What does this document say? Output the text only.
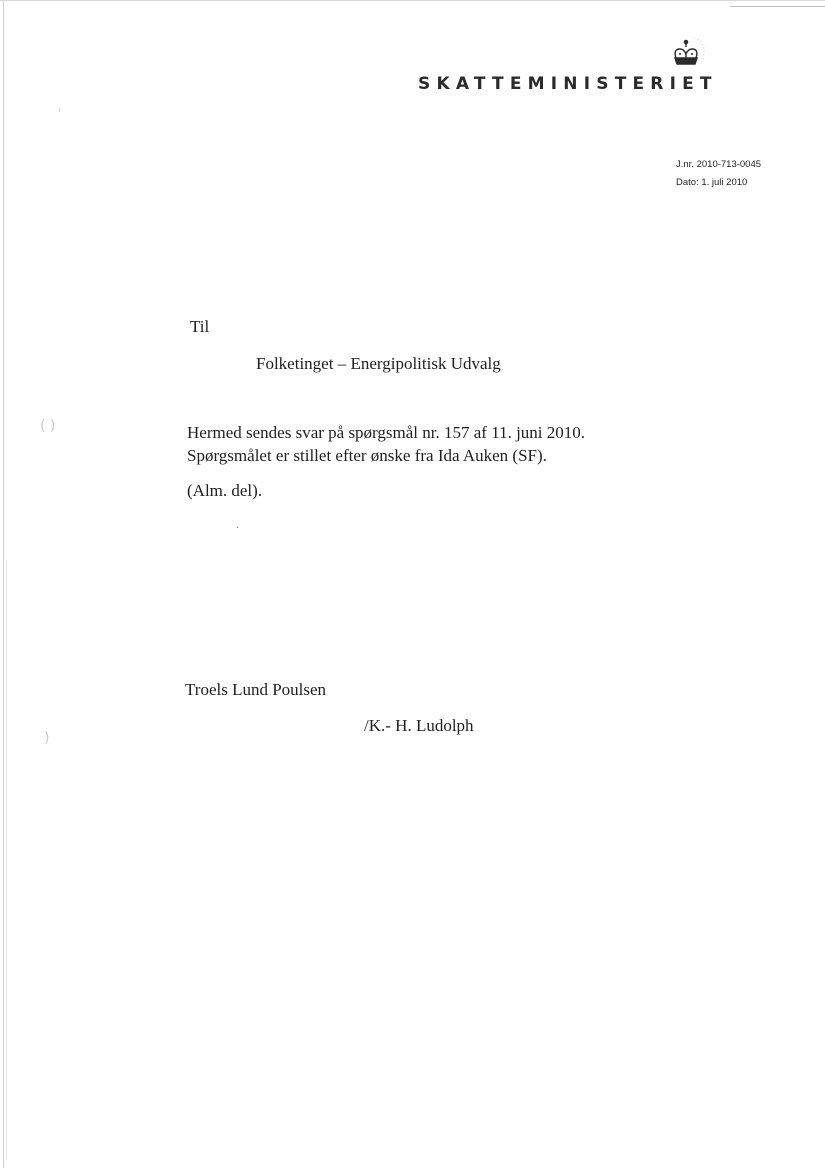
,
( )
)
.
SKATTEMINISTERIET
J.nr. 2010-713-0045
Dato: 1. juli 2010
Til
Folketinget – Energipolitisk Udvalg
Hermed sendes svar på spørgsmål nr. 157 af 11. juni 2010.
Spørgsmålet er stillet efter ønske fra Ida Auken (SF).
(Alm. del).
Troels Lund Poulsen
/K.- H. Ludolph
